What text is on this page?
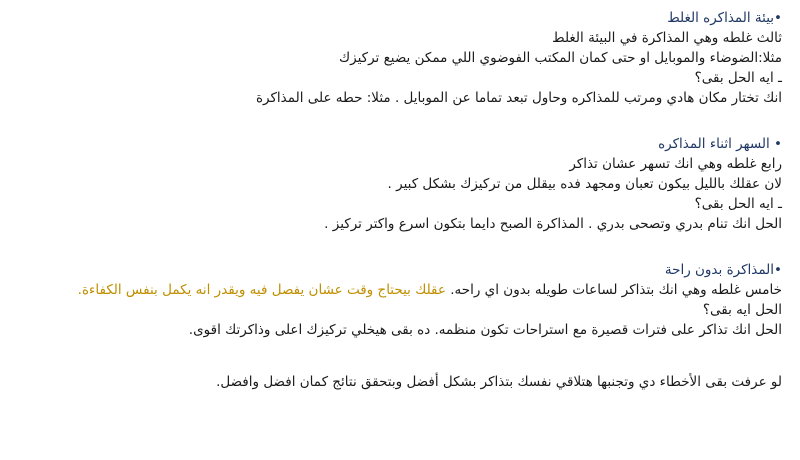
•بيئة المذاكره الغلط
ثالث غلطه وهي المذاكرة في البيئة الغلط
مثلا:الضوضاء والموبايل او حتى كمان المكتب الفوضوي اللي ممكن يضيع تركيزك
ـ ايه الحل بقى؟
انك تختار مكان هادي ومرتب للمذاكره وحاول تبعد تماما عن الموبايل . مثلا: حطه على المذاكرة
• السهر اثناء المذاكره
رابع غلطه وهي انك تسهر عشان تذاكر
لان عقلك بالليل بيكون تعبان ومجهد فده بيقلل من تركيزك بشكل كبير .
ـ ايه الحل بقى؟
الحل انك تنام بدري وتصحى بدري . المذاكرة الصبح دايما بتكون اسرع واكتر تركيز .
•المذاكرة بدون راحة
خامس غلطه وهي انك بتذاكر لساعات طويله بدون اي راحه. عقلك بيحتاج وقت عشان يفصل فيه ويقدر انه يكمل بنفس الكفاءة.
الحل ايه بقى؟
الحل انك تذاكر على فترات قصيرة مع استراحات تكون منظمه. ده بقى هيخلي تركيزك اعلى وذاكرتك اقوى.
لو عرفت بقى الأخطاء دي وتجنبها هتلاقي نفسك بتذاكر بشكل أفضل وبتحقق نتائج كمان افضل وافضل.
